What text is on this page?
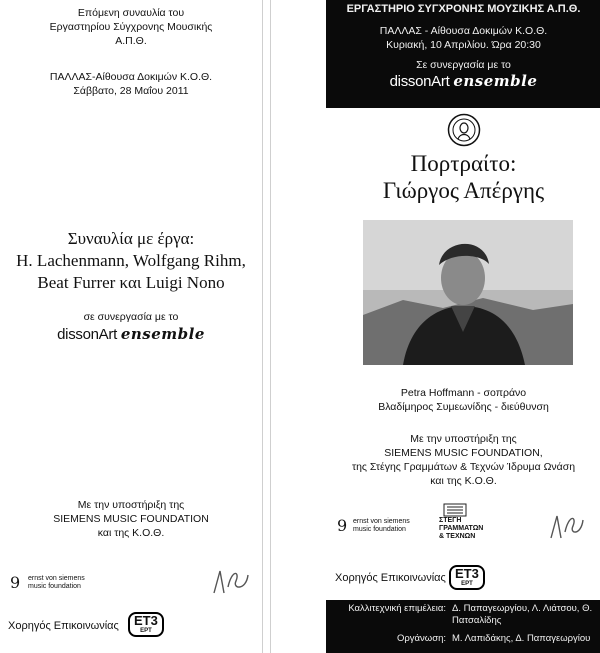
Επόμενη συναυλία του
Εργαστηρίου Σύγχρονης Μουσικής
Α.Π.Θ.
ΠΑΛΛΑΣ-Αίθουσα Δοκιμών Κ.Ο.Θ.
Σάββατο, 28 Μαΐου 2011
Συναυλία με έργα:
H. Lachenmann, Wolfgang Rihm,
Beat Furrer και Luigi Nono
σε συνεργασία με το
dissonArt ensemble
Με την υποστήριξη της
SIEMENS MUSIC FOUNDATION
και της Κ.Ο.Θ.
9 ernst von siemens
music foundation
Χορηγός Επικοινωνίας	ΕΤ3
ΕΡΤ
ΕΡΓΑΣΤΗΡΙΟ ΣΥΓΧΡΟΝΗΣ ΜΟΥΣΙΚΗΣ Α.Π.Θ.
ΠΑΛΛΑΣ - Αίθουσα Δοκιμών Κ.Ο.Θ.
Κυριακή, 10 Απριλίου. Ώρα 20:30
Σε συνεργασία με το
dissonArt ensemble
Πορτραίτο:
Γιώργος Απέργης
Petra Hoffmann - σοπράνο
Βλαδίμηρος Συμεωνίδης - διεύθυνση
Με την υποστήριξη της
SIEMENS MUSIC FOUNDATION,
της Στέγης Γραμμάτων & Τεχνών Ίδρυμα Ωνάση
και της Κ.Ο.Θ.
9 ernst von siemens
music foundation
ΣΤΕΓΗ
ΓΡΑΜΜΑΤΩΝ
& ΤΕΧΝΩΝ
Χορηγός Επικοινωνίας ΕΤ3
ΕΡΤ
Καλλιτεχνική επιμέλεια: Δ. Παπαγεωργίου, Λ. Λιάτσου, Θ. Πατσαλίδης
Οργάνωση: Μ. Λαπιδάκης, Δ. Παπαγεωργίου
